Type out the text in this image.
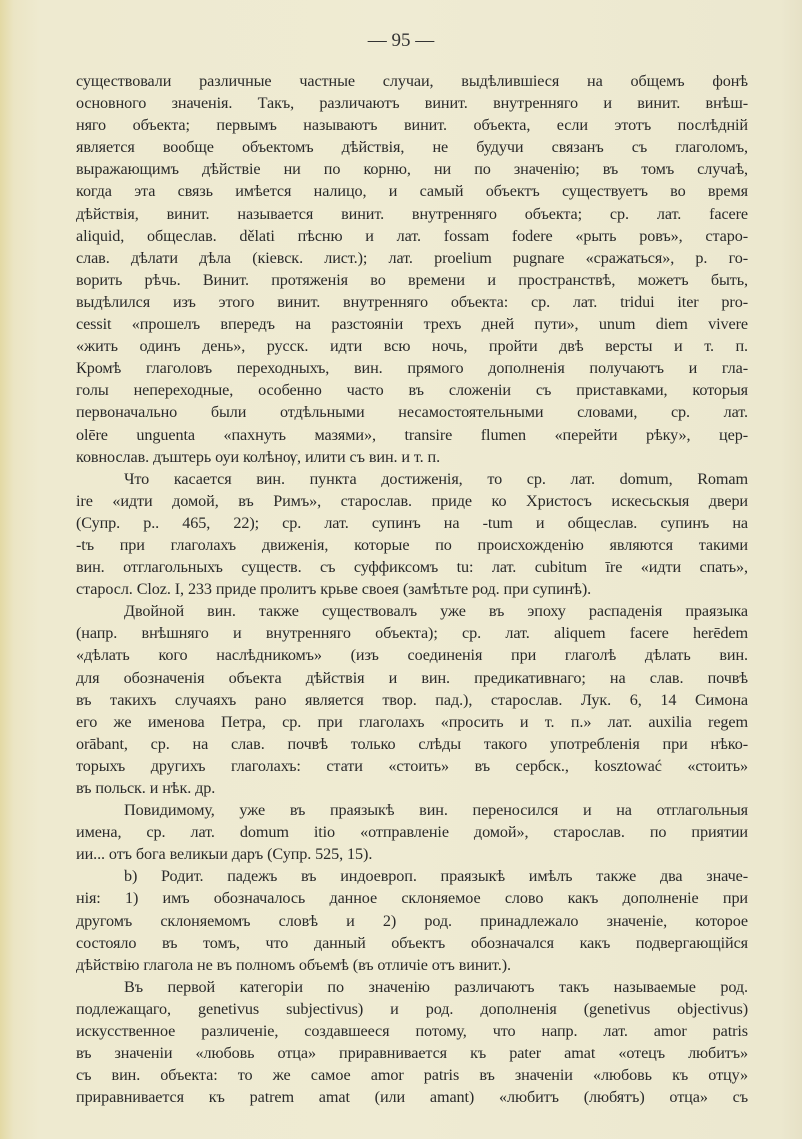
— 95 —
существовали различные частные случаи, выдѣлившіеся на общемъ фонѣ
основного значенія. Такъ, различаютъ винит. внутренняго и винит. внѣш-
няго объекта; первымъ называютъ винит. объекта, если этотъ послѣдній
является вообще объектомъ дѣйствія, не будучи связанъ съ глаголомъ,
выражающимъ дѣйствіе ни по корню, ни по значенію; въ томъ случаѣ,
когда эта связь имѣется налицо, и самый объектъ существуетъ во время
дѣйствія, винит. называется винит. внутренняго объекта; ср. лат. facere
aliquid, общеслав. dělati пѣсню и лат. fossam fodere «рыть ровъ», старо-
слав. дѣлати дѣла (кіевск. лист.); лат. proelium pugnare «сражаться», р. го-
ворить рѣчь. Винит. протяженія во времени и пространствѣ, можетъ быть,
выдѣлился изъ этого винит. внутренняго объекта: ср. лат. tridui iter pro-
cessit «прошелъ впередъ на разстояніи трехъ дней пути», unum diem vivere
«жить одинъ день», русск. идти всю ночь, пройти двѣ версты и т. п.
Кромѣ глаголовъ переходныхъ, вин. прямого дополненія получаютъ и гла-
голы непереходные, особенно часто въ сложеніи съ приставками, которыя
первоначально были отдѣльными несамостоятельными словами, ср. лат.
olēre unguenta «пахнуть мазями», transire flumen «перейти рѣку», цер-
ковнослав. дъштерь оуи колѣнѹ, илити съ вин. и т. п.
Что касается вин. пункта достиженія, то ср. лат. domum, Romam
ire «идти домой, въ Римъ», старослав. приде ко Христосъ искесьскыя двери
(Супр. р.. 465, 22); ср. лат. супинъ на -tum и общеслав. супинъ на
-tъ при глаголахъ движенія, которые по происхожденію являются такими
вин. отглагольныхъ существ. съ суффиксомъ tu: лат. cubitum īre «идти спать»,
старосл. Cloz. I, 233 приде пролитъ крьве своея (замѣтьте род. при супинѣ).
Двойной вин. также существовалъ уже въ эпоху распаденія праязыка
(напр. внѣшняго и внутренняго объекта); ср. лат. aliquem facere herēdem
«дѣлать кого наслѣдникомъ» (изъ соединенія при глаголѣ дѣлать вин.
для обозначенія объекта дѣйствія и вин. предикативнаго; на слав. почвѣ
въ такихъ случаяхъ рано является твор. пад.), старослав. Лук. 6, 14 Симона
его же именова Петра, ср. при глаголахъ «просить и т. п.» лат. auxilia regem
orābant, ср. на слав. почвѣ только слѣды такого употребленія при нѣко-
торыхъ другихъ глаголахъ: стати «стоить» въ сербск., kosztować «стоить»
въ польск. и нѣк. др.
Повидимому, уже въ праязыкѣ вин. переносился и на отглагольныя
имена, ср. лат. domum itio «отправленіе домой», старослав. по приятии
ии... отъ бога великыи даръ (Супр. 525, 15).
b) Родит. падежъ въ индоевроп. праязыкѣ имѣлъ также два значе-
нія: 1) имъ обозначалось данное склоняемое слово какъ дополненіе при
другомъ склоняемомъ словѣ и 2) род. принадлежало значеніе, которое
состояло въ томъ, что данный объектъ обозначался какъ подвергающійся
дѣйствію глагола не въ полномъ объемѣ (въ отличіе отъ винит.).
Въ первой категоріи по значенію различаютъ такъ называемые род.
подлежащаго, genetivus subjectivus) и род. дополненія (genetivus objectivus)
искусственное различеніе, создавшееся потому, что напр. лат. amor patris
въ значеніи «любовь отца» приравнивается къ pater amat «отецъ любитъ»
съ вин. объекта: то же самое amor patris въ значеніи «любовь къ отцу»
приравнивается къ patrem amat (или amant) «любитъ (любятъ) отца» съ
